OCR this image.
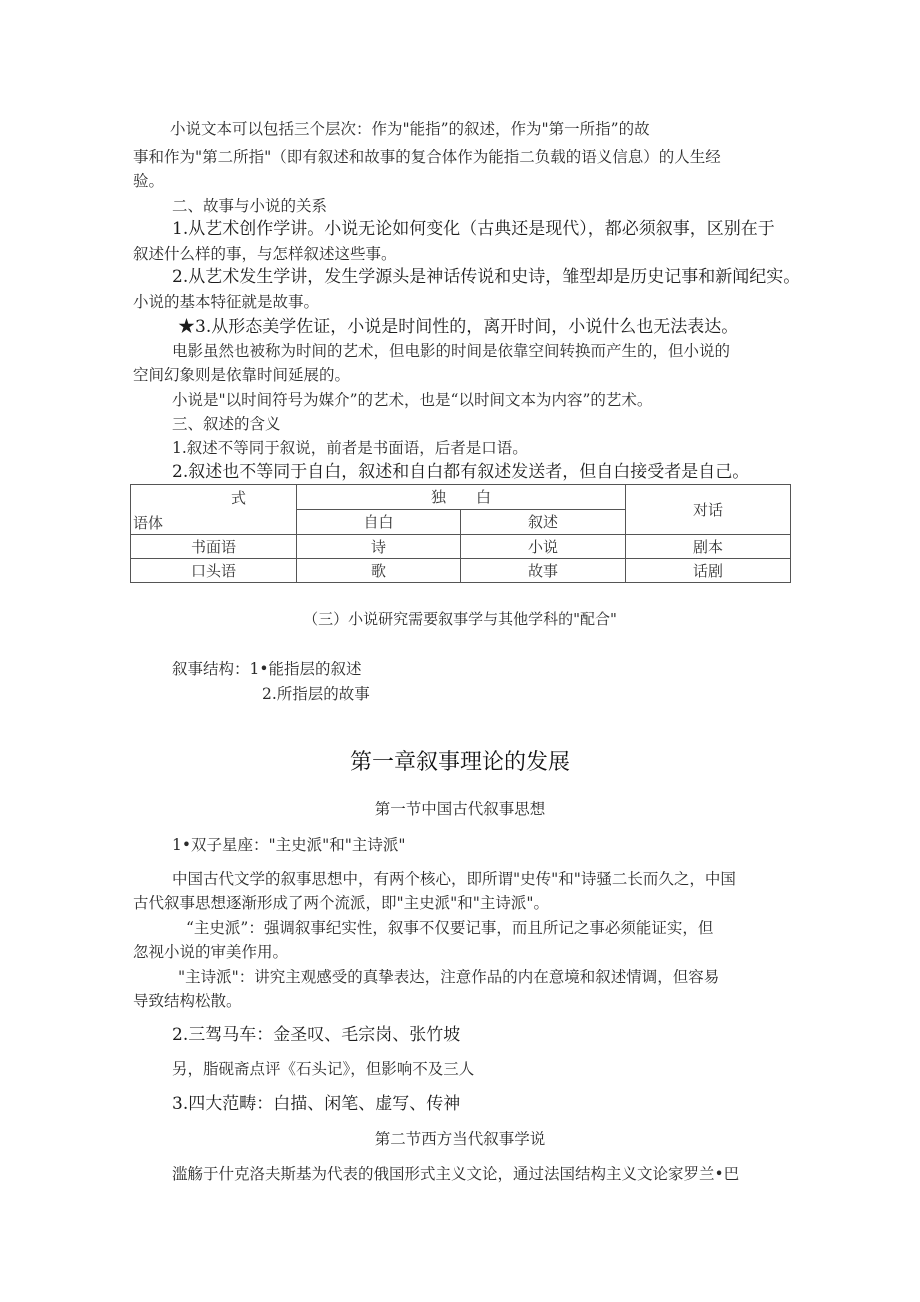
小说文本可以包括三个层次：作为"能指”的叙述，作为"第一所指”的故
事和作为"第二所指"（即有叙述和故事的复合体作为能指二负载的语义信息）的人生经
验。
二、故事与小说的关系
1.从艺术创作学讲。小说无论如何变化（古典还是现代），都必须叙事，区别在于
叙述什么样的事，与怎样叙述这些事。
2.从艺术发生学讲，发生学源头是神话传说和史诗，雏型却是历史记事和新闻纪实。
小说的基本特征就是故事。
★3.从形态美学佐证，小说是时间性的，离开时间，小说什么也无法表达。
电影虽然也被称为时间的艺术，但电影的时间是依靠空间转换而产生的，但小说的
空间幻象则是依靠时间延展的。
小说是"以时间符号为媒介”的艺术，也是“以时间文本为内容”的艺术。
三、叙述的含义
1.叙述不等同于叙说，前者是书面语，后者是口语。
2.叙述也不等同于自白，叙述和自白都有叙述发送者，但自白接受者是自己。
式
语体	独　　白		对话
	自白	叙述	
书面语	诗	小说	剧本
口头语	歌	故事	话剧
（三）小说研究需要叙事学与其他学科的"配合"
叙事结构：1•能指层的叙述
2.所指层的故事
第一章叙事理论的发展
第一节中国古代叙事思想
1•双子星座："主史派"和"主诗派"
中国古代文学的叙事思想中，有两个核心，即所谓"史传"和"诗骚二长而久之，中国
古代叙事思想逐渐形成了两个流派，即"主史派"和"主诗派"。
“主史派”：强调叙事纪实性，叙事不仅要记事，而且所记之事必须能证实，但
忽视小说的审美作用。
"主诗派"：讲究主观感受的真挚表达，注意作品的内在意境和叙述情调，但容易
导致结构松散。
2.三驾马车：金圣叹、毛宗岗、张竹坡
另，脂砚斋点评《石头记》，但影响不及三人
3.四大范畴：白描、闲笔、虚写、传神
第二节西方当代叙事学说
滥觞于什克洛夫斯基为代表的俄国形式主义文论，通过法国结构主义文论家罗兰•巴
